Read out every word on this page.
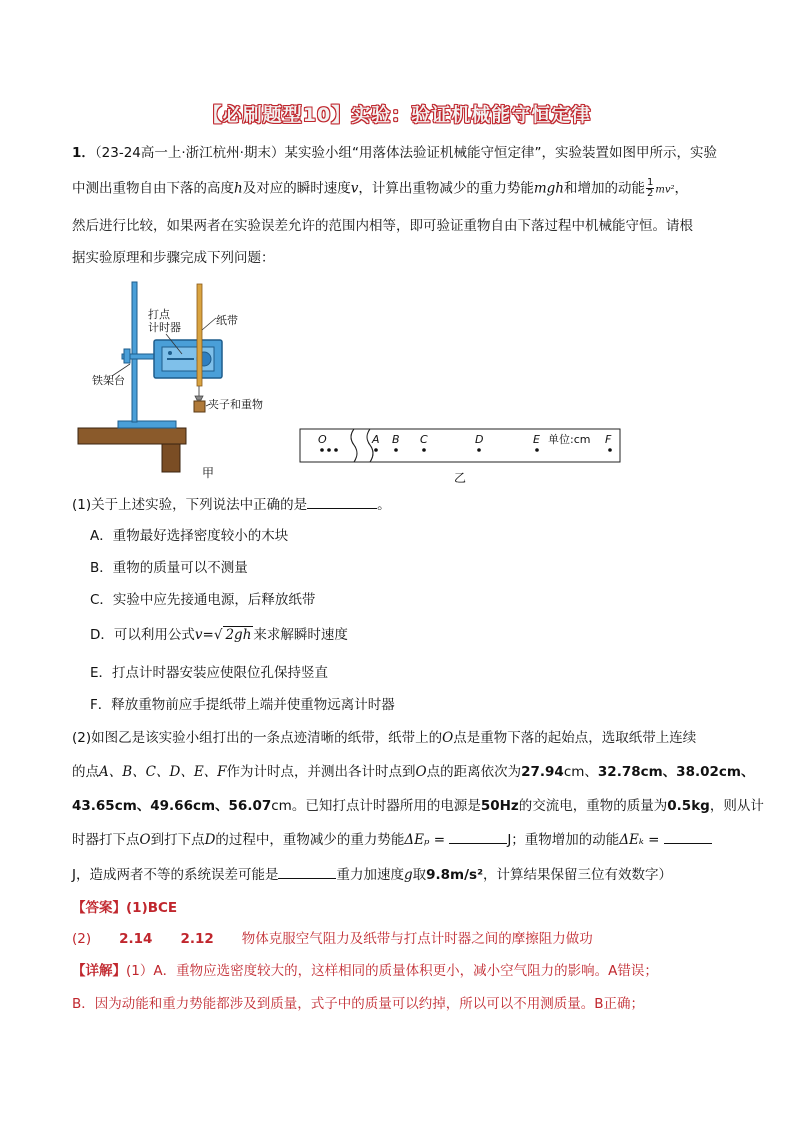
【必刷题型10】实验：验证机械能守恒定律
1．（23-24高一上·浙江杭州·期末）某实验小组“用落体法验证机械能守恒定律”，实验装置如图甲所示，实验
中测出重物自由下落的高度h及对应的瞬时速度v，计算出重物减少的重力势能mgh和增加的动能 $\frac{1}{2} mv^2$，
然后进行比较，如果两者在实验误差允许的范围内相等，即可验证重物自由下落过程中机械能守恒。请根
据实验原理和步骤完成下列问题：
打点
计时器
纸带
铁架台
夹子和重物
甲
O	A B C	D	E 单位:cm F
乙
(1)关于上述实验，下列说法中正确的是	。
A．重物最好选择密度较小的木块
B．重物的质量可以不测量
C．实验中应先接通电源，后释放纸带
D．可以利用公式v=√ 2gh 来求解瞬时速度
E．打点计时器安装应使限位孔保持竖直
F．释放重物前应手提纸带上端并使重物远离计时器
(2)如图乙是该实验小组打出的一条点迹清晰的纸带，纸带上的O点是重物下落的起始点，选取纸带上连续
的点A、B、C、D、E、F作为计时点，并测出各计时点到O点的距离依次为27.94cm、32.78cm、38.02cm、
43.65cm、49.66cm、56.07cm。已知打点计时器所用的电源是50Hz的交流电，重物的质量为0.5kg，则从计
时器打下点O到打下点D的过程中，重物减少的重力势能ΔEₚ =	J；重物增加的动能ΔEₖ =
J，造成两者不等的系统误差可能是	重力加速度g取9.8m/s²，计算结果保留三位有效数字）
【答案】(1)BCE
(2) 2.14 2.12 物体克服空气阻力及纸带与打点计时器之间的摩擦阻力做功
【详解】(1）A．重物应选密度较大的，这样相同的质量体积更小，减小空气阻力的影响。A错误；
B．因为动能和重力势能都涉及到质量，式子中的质量可以约掉，所以可以不用测质量。B正确；
